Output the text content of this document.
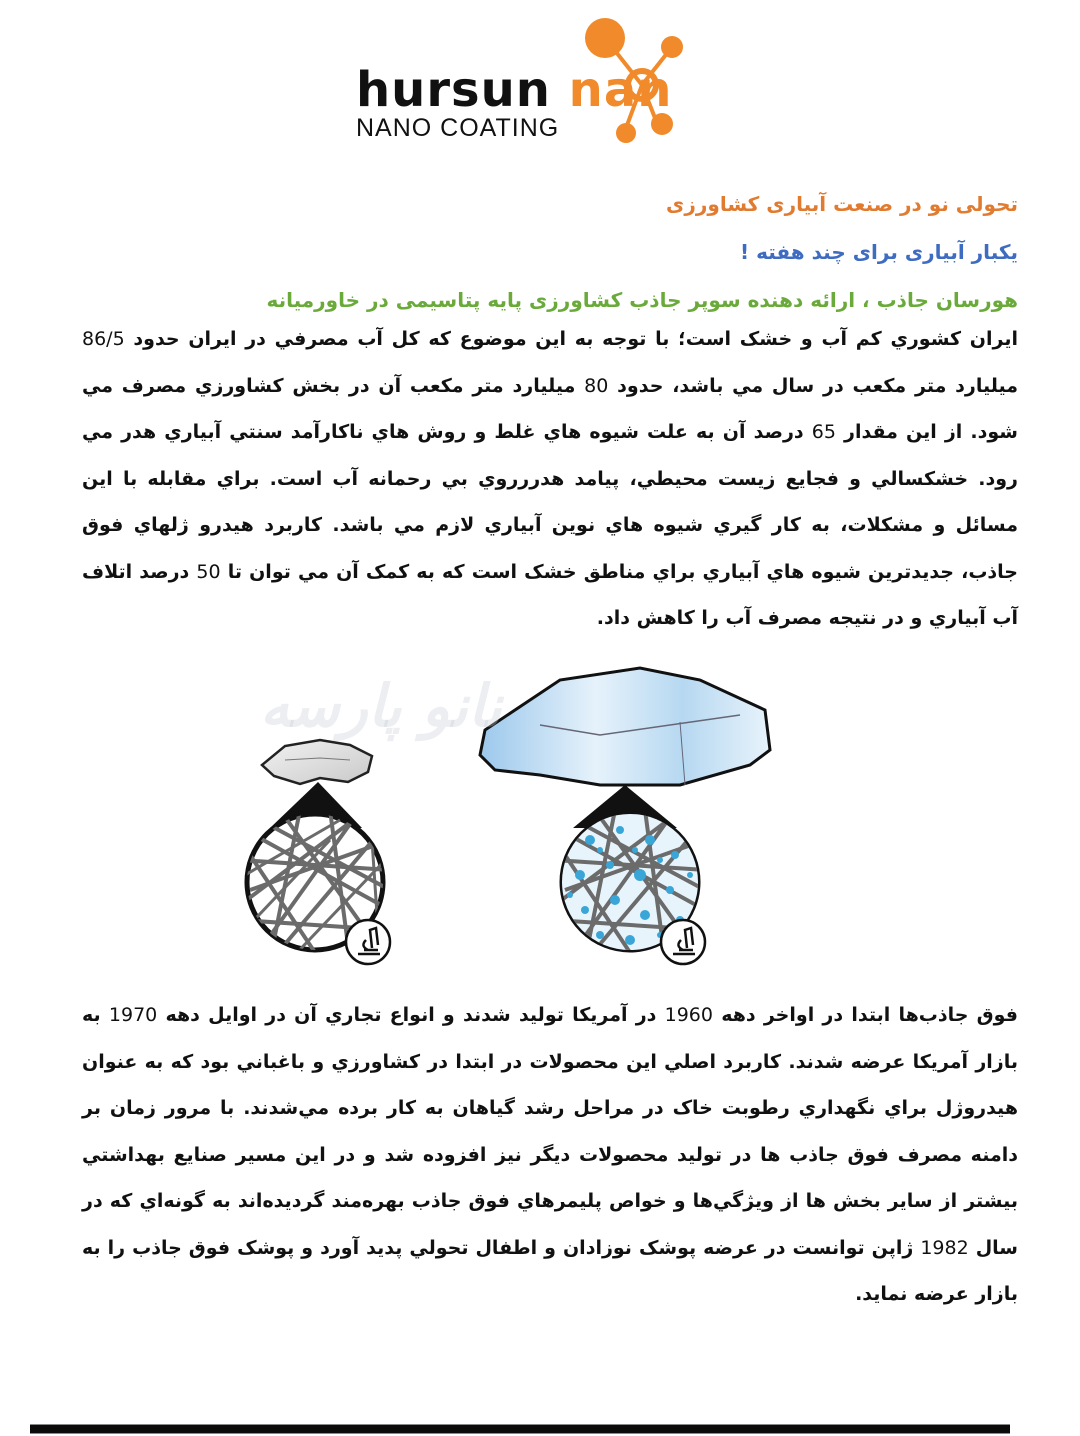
hursun nan
NANO COATING

تحولی نو در صنعت آبیاری کشاورزی

یکبار آبیاری برای چند هفته !

هورسان جاذب ، ارائه دهنده سوپر جاذب کشاورزی پایه پتاسیمی در خاورمیانه

ايران کشوري کم آب و خشک است؛ با توجه به اين موضوع که کل آب مصرفي در ايران حدود 86/5 ميليارد متر مکعب در سال مي باشد، حدود 80 ميليارد متر مکعب آن در بخش کشاورزي مصرف مي شود. از اين مقدار 65 درصد آن به علت شيوه هاي غلط و روش هاي ناکارآمد سنتي آبياري هدر مي رود. خشکسالي و فجايع زيست محيطي، پيامد هدررروي بي رحمانه آب است. براي مقابله با اين مسائل و مشکلات، به کار گيري شيوه هاي نوين آبياري لازم مي باشد. کاربرد هيدرو ژلهاي فوق جاذب، جديدترين شيوه هاي آبياري براي مناطق خشک است که به کمک آن مي توان تا 50 درصد اتلاف آب آبياري و در نتيجه مصرف آب را کاهش داد.

نانو پارسه

فوق جاذب‌ها ابتدا در اواخر دهه 1960 در آمريکا توليد شدند و انواع تجاري آن در اوايل دهه 1970 به بازار آمريکا عرضه شدند. کاربرد اصلي اين محصولات در ابتدا در کشاورزي و باغباني بود که به عنوان هيدروژل براي نگهداري رطوبت خاک در مراحل رشد گياهان به کار برده مي‌شدند. با مرور زمان بر دامنه مصرف فوق جاذب ها در توليد محصولات ديگر نيز افزوده شد و در اين مسير صنايع بهداشتي بيشتر از ساير بخش ها از ويژگي‌ها و خواص پليمرهاي فوق جاذب بهره‌مند گرديده‌اند به گونه‌اي که در سال 1982 ژاپن توانست در عرضه پوشک نوزادان و اطفال تحولي پديد آورد و پوشک فوق جاذب را به بازار عرضه نمايد.
